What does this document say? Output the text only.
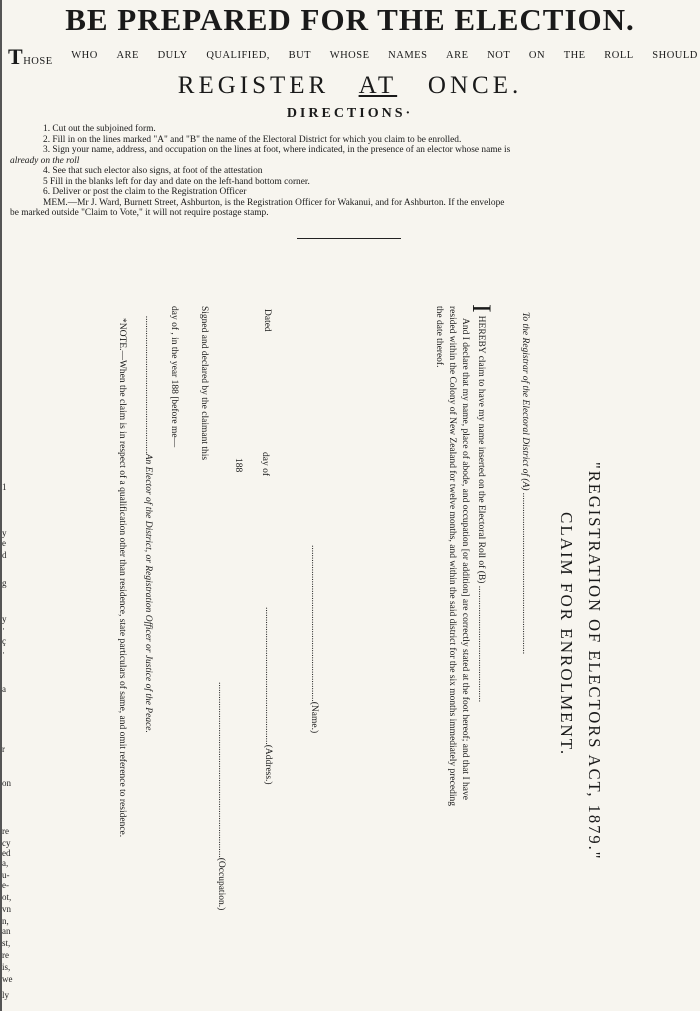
BE PREPARED FOR THE ELECTION.
THOSE
WHO ARE DULY QUALIFIED, BUT WHOSE NAMES ARE NOT ON THE ROLL SHOULD
REGISTER AT ONCE.
DIRECTIONS·
1. Cut out the subjoined form.
2. Fill in on the lines marked "A" and "B" the name of the Electoral District for which you claim to be enrolled.
3. Sign your name, address, and occupation on the lines at foot, where indicated, in the presence of an elector whose name is
already on the roll
4. See that such elector also signs, at foot of the attestation
5 Fill in the blanks left for day and date on the left-hand bottom corner.
6. Deliver or post the claim to the Registration Officer
MEM.—Mr J. Ward, Burnett Street, Ashburton, is the Registration Officer for Wakanui, and for Ashburton. If the envelope
be marked outside "Claim to Vote," it will not require postage stamp.
"REGISTRATION OF ELECTORS ACT, 1879."
CLAIM FOR ENROLMENT.
To the Registrar of the Electoral District of (A) ....................................................................
IHEREBY claim to have my name inserted on the Electoral Roll of (B) .................................................
And I declare that my name, place of abode, and occupation [or addition] are correctly stated at the foot hereof; and that I have
resided within the Colony of New Zealand for twelve months, and within the said district for the six months immediately preceding
the date thereof.
..................................................................(Name.)
Dated
day of
188
..........................................................(Address.)
..........................................................................(Occupation.)
Signed and declared by the claimant this
day of , in the year 188 [before me—
..........................................................An Elector of the District, or Registration Officer or Justice of the Peace.
*NOTE.—When the claim is in respect of a qualification other than residence, state particulars of same, and omit reference to residence.
y
e
d
g
y
·
ç
·
a
r
1
on
re
cy
ed
a,
u-
e-
ot,
vn
n,
an
st,
re
is,
we
ly
